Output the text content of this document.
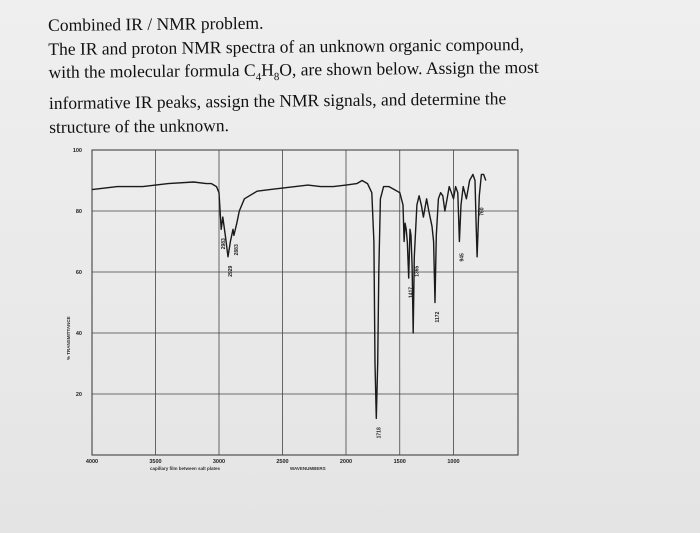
Combined IR / NMR problem.

The IR and proton NMR spectra of an unknown organic compound,

with the molecular formula $C_4H_8O$, are shown below. Assign the most

informative IR peaks, assign the NMR signals, and determine the

structure of the unknown.

4000	3500	3000	2500	2000	1500	1000
100
80
60
40
20
2983
2929
2883
1718
1417
1365
1172
945
760
% TRANSMITTANCE
capillary film between salt plates	WAVENUMBERS
